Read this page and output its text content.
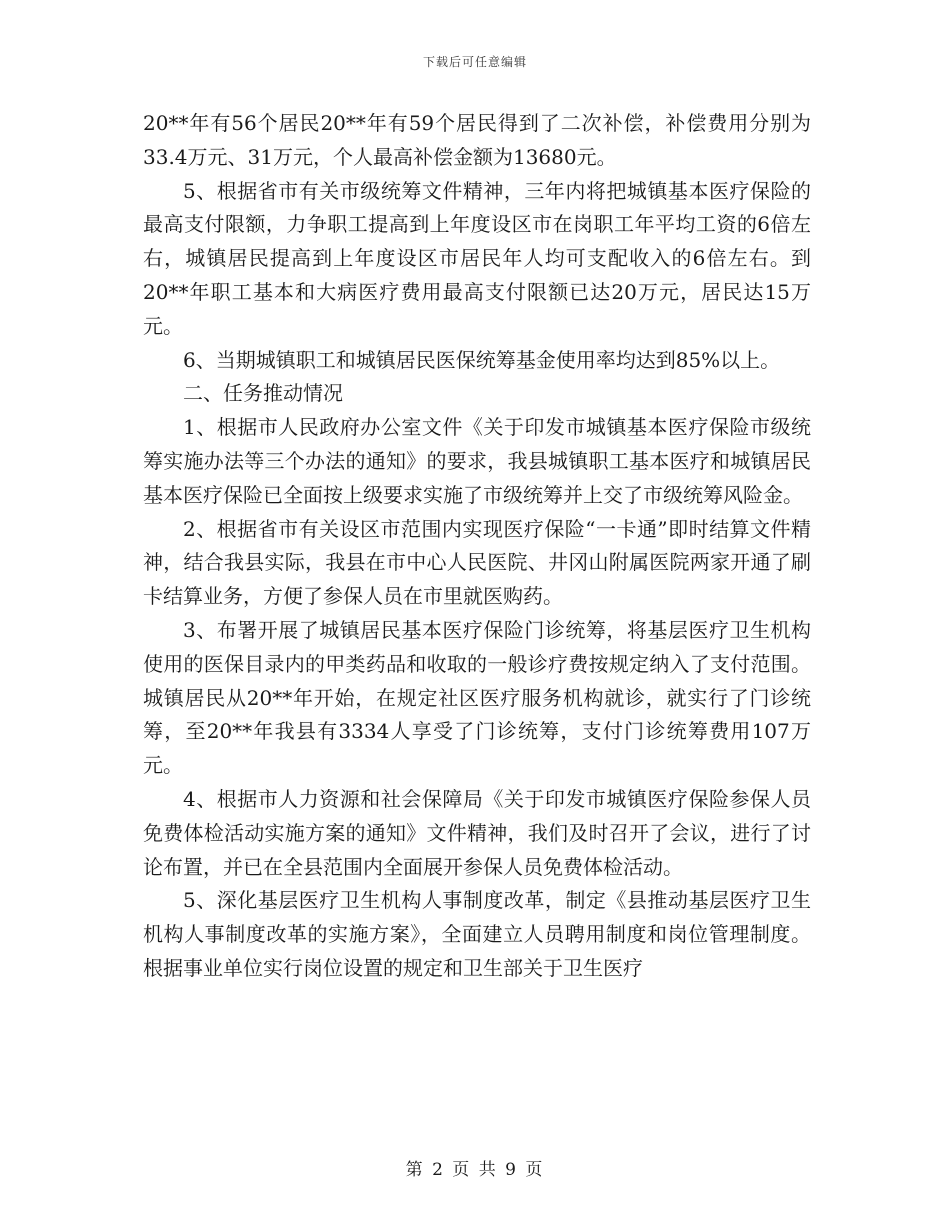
下载后可任意编辑

20**年有56个居民20**年有59个居民得到了二次补偿，补偿费用分别为33.4万元、31万元，个人最高补偿金额为13680元。

5、根据省市有关市级统筹文件精神，三年内将把城镇基本医疗保险的最高支付限额，力争职工提高到上年度设区市在岗职工年平均工资的6倍左右，城镇居民提高到上年度设区市居民年人均可支配收入的6倍左右。到20**年职工基本和大病医疗费用最高支付限额已达20万元，居民达15万元。

6、当期城镇职工和城镇居民医保统筹基金使用率均达到85%以上。

二、任务推动情况

1、根据市人民政府办公室文件《关于印发市城镇基本医疗保险市级统筹实施办法等三个办法的通知》的要求，我县城镇职工基本医疗和城镇居民基本医疗保险已全面按上级要求实施了市级统筹并上交了市级统筹风险金。

2、根据省市有关设区市范围内实现医疗保险“一卡通”即时结算文件精神，结合我县实际，我县在市中心人民医院、井冈山附属医院两家开通了刷卡结算业务，方便了参保人员在市里就医购药。

3、布署开展了城镇居民基本医疗保险门诊统筹，将基层医疗卫生机构使用的医保目录内的甲类药品和收取的一般诊疗费按规定纳入了支付范围。城镇居民从20**年开始，在规定社区医疗服务机构就诊，就实行了门诊统筹，至20**年我县有3334人享受了门诊统筹，支付门诊统筹费用107万元。

4、根据市人力资源和社会保障局《关于印发市城镇医疗保险参保人员免费体检活动实施方案的通知》文件精神，我们及时召开了会议，进行了讨论布置，并已在全县范围内全面展开参保人员免费体检活动。

5、深化基层医疗卫生机构人事制度改革，制定《县推动基层医疗卫生机构人事制度改革的实施方案》，全面建立人员聘用制度和岗位管理制度。根据事业单位实行岗位设置的规定和卫生部关于卫生医疗

第 2 页 共 9 页
